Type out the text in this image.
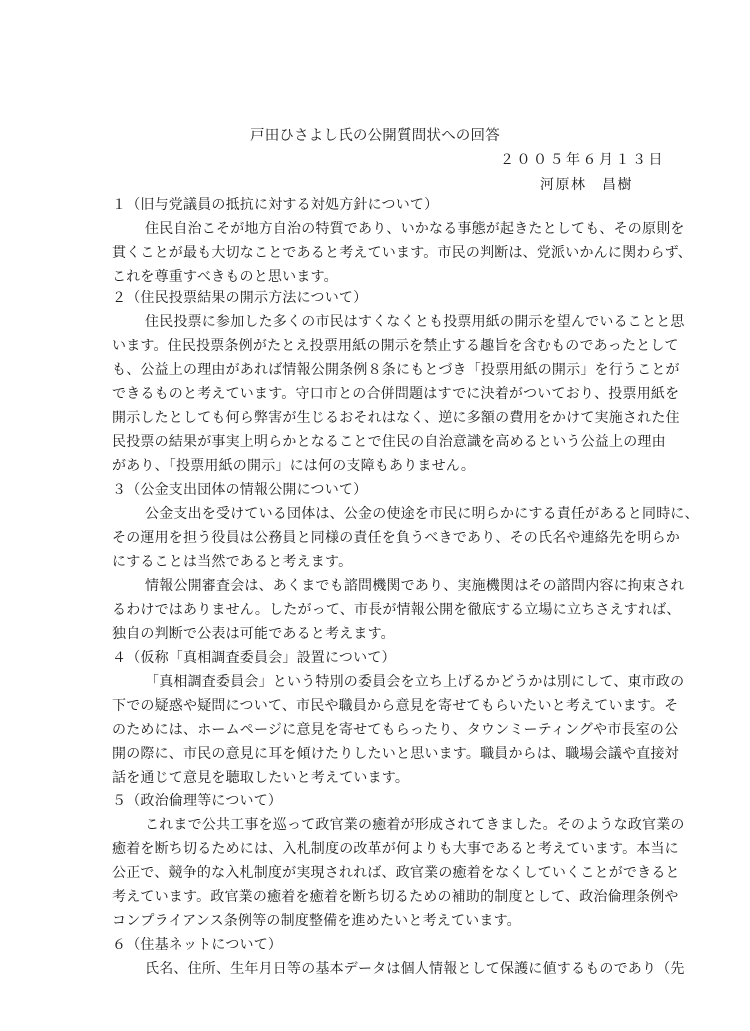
戸田ひさよし氏の公開質問状への回答
２００５年６月１３日
河原林　昌樹
１（旧与党議員の抵抗に対する対処方針について）
住民自治こそが地方自治の特質であり、いかなる事態が起きたとしても、その原則を
貫くことが最も大切なことであると考えています。市民の判断は、党派いかんに関わらず、
これを尊重すべきものと思います。
２（住民投票結果の開示方法について）
住民投票に参加した多くの市民はすくなくとも投票用紙の開示を望んでいることと思
います。住民投票条例がたとえ投票用紙の開示を禁止する趣旨を含むものであったとして
も、公益上の理由があれば情報公開条例８条にもとづき「投票用紙の開示」を行うことが
できるものと考えています。守口市との合併問題はすでに決着がついており、投票用紙を
開示したとしても何ら弊害が生じるおそれはなく、逆に多額の費用をかけて実施された住
民投票の結果が事実上明らかとなることで住民の自治意識を高めるという公益上の理由
があり、「投票用紙の開示」には何の支障もありません。
３（公金支出団体の情報公開について）
公金支出を受けている団体は、公金の使途を市民に明らかにする責任があると同時に、
その運用を担う役員は公務員と同様の責任を負うべきであり、その氏名や連絡先を明らか
にすることは当然であると考えます。
情報公開審査会は、あくまでも諮問機関であり、実施機関はその諮問内容に拘束され
るわけではありません。したがって、市長が情報公開を徹底する立場に立ちさえすれば、
独自の判断で公表は可能であると考えます。
４（仮称「真相調査委員会」設置について）
「真相調査委員会」という特別の委員会を立ち上げるかどうかは別にして、東市政の
下での疑惑や疑問について、市民や職員から意見を寄せてもらいたいと考えています。そ
のためには、ホームページに意見を寄せてもらったり、タウンミーティングや市長室の公
開の際に、市民の意見に耳を傾けたりしたいと思います。職員からは、職場会議や直接対
話を通じて意見を聴取したいと考えています。
５（政治倫理等について）
これまで公共工事を巡って政官業の癒着が形成されてきました。そのような政官業の
癒着を断ち切るためには、入札制度の改革が何よりも大事であると考えています。本当に
公正で、競争的な入札制度が実現されれば、政官業の癒着をなくしていくことができると
考えています。政官業の癒着を癒着を断ち切るための補助的制度として、政治倫理条例や
コンプライアンス条例等の制度整備を進めたいと考えています。
６（住基ネットについて）
氏名、住所、生年月日等の基本データは個人情報として保護に値するものであり（先
